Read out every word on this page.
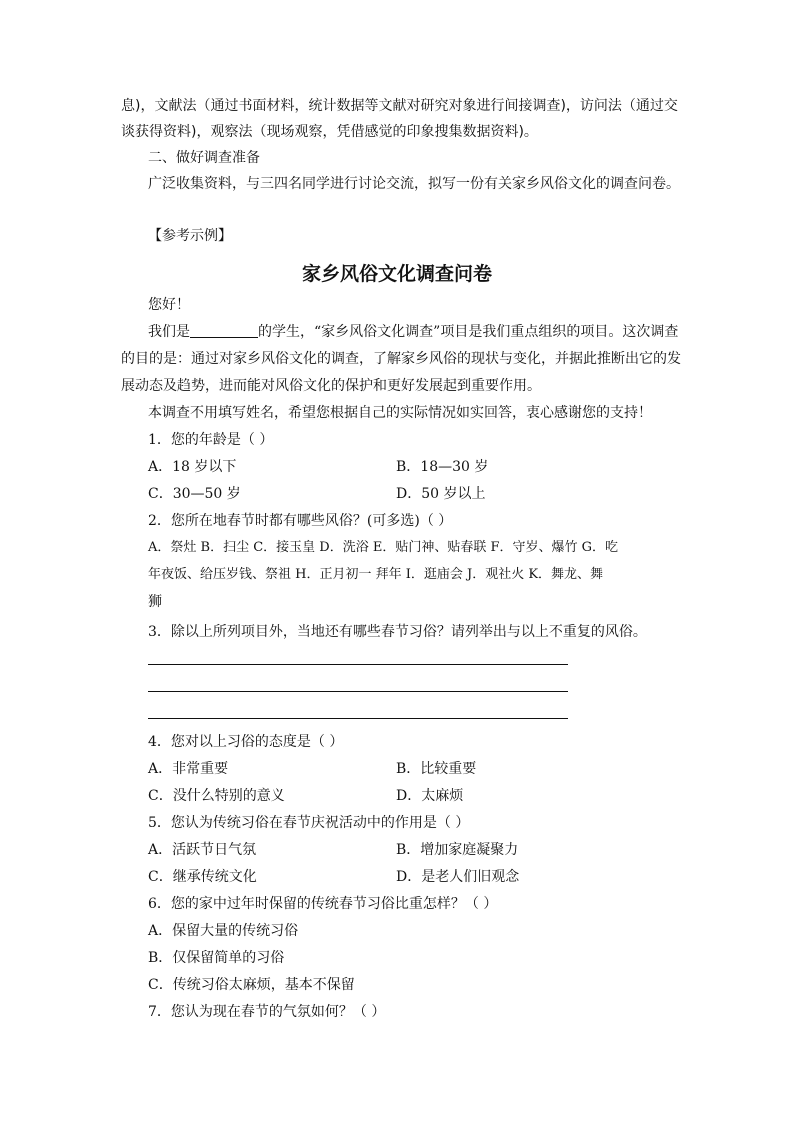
息)，文献法（通过书面材料，统计数据等文献对研究对象进行间接调查)，访问法（通过交
谈获得资料)，观察法（现场观察，凭借感觉的印象搜集数据资料)。
二、做好调查准备
广泛收集资料，与三四名同学进行讨论交流，拟写一份有关家乡风俗文化的调查问卷。
【参考示例】
家乡风俗文化调查问卷
您好！
我们是	的学生，“家乡风俗文化调查”项目是我们重点组织的项目。这次调查
的目的是：通过对家乡风俗文化的调查，了解家乡风俗的现状与变化，并据此推断出它的发
展动态及趋势，进而能对风俗文化的保护和更好发展起到重要作用。
本调查不用填写姓名，希望您根据自己的实际情况如实回答，衷心感谢您的支持！
1．您的年龄是（ ）
A．18 岁以下	B．18—30 岁
C．30—50 岁	D．50 岁以上
2．您所在地春节时都有哪些风俗？(可多选)（ ）
A．祭灶 B．扫尘 C．接玉皇 D．洗浴 E．贴门神、贴春联 F．守岁、爆竹 G．吃
年夜饭、给压岁钱、祭祖 H．正月初一 拜年 I．逛庙会 J．观社火 K．舞龙、舞
狮
3．除以上所列项目外，当地还有哪些春节习俗？请列举出与以上不重复的风俗。
4．您对以上习俗的态度是（ ）
A．非常重要	B．比较重要
C．没什么特别的意义	D．太麻烦
5．您认为传统习俗在春节庆祝活动中的作用是（ ）
A．活跃节日气氛	B．增加家庭凝聚力
C．继承传统文化	D．是老人们旧观念
6．您的家中过年时保留的传统春节习俗比重怎样？（ ）
A．保留大量的传统习俗
B．仅保留简单的习俗
C．传统习俗太麻烦，基本不保留
7．您认为现在春节的气氛如何？（ ）
